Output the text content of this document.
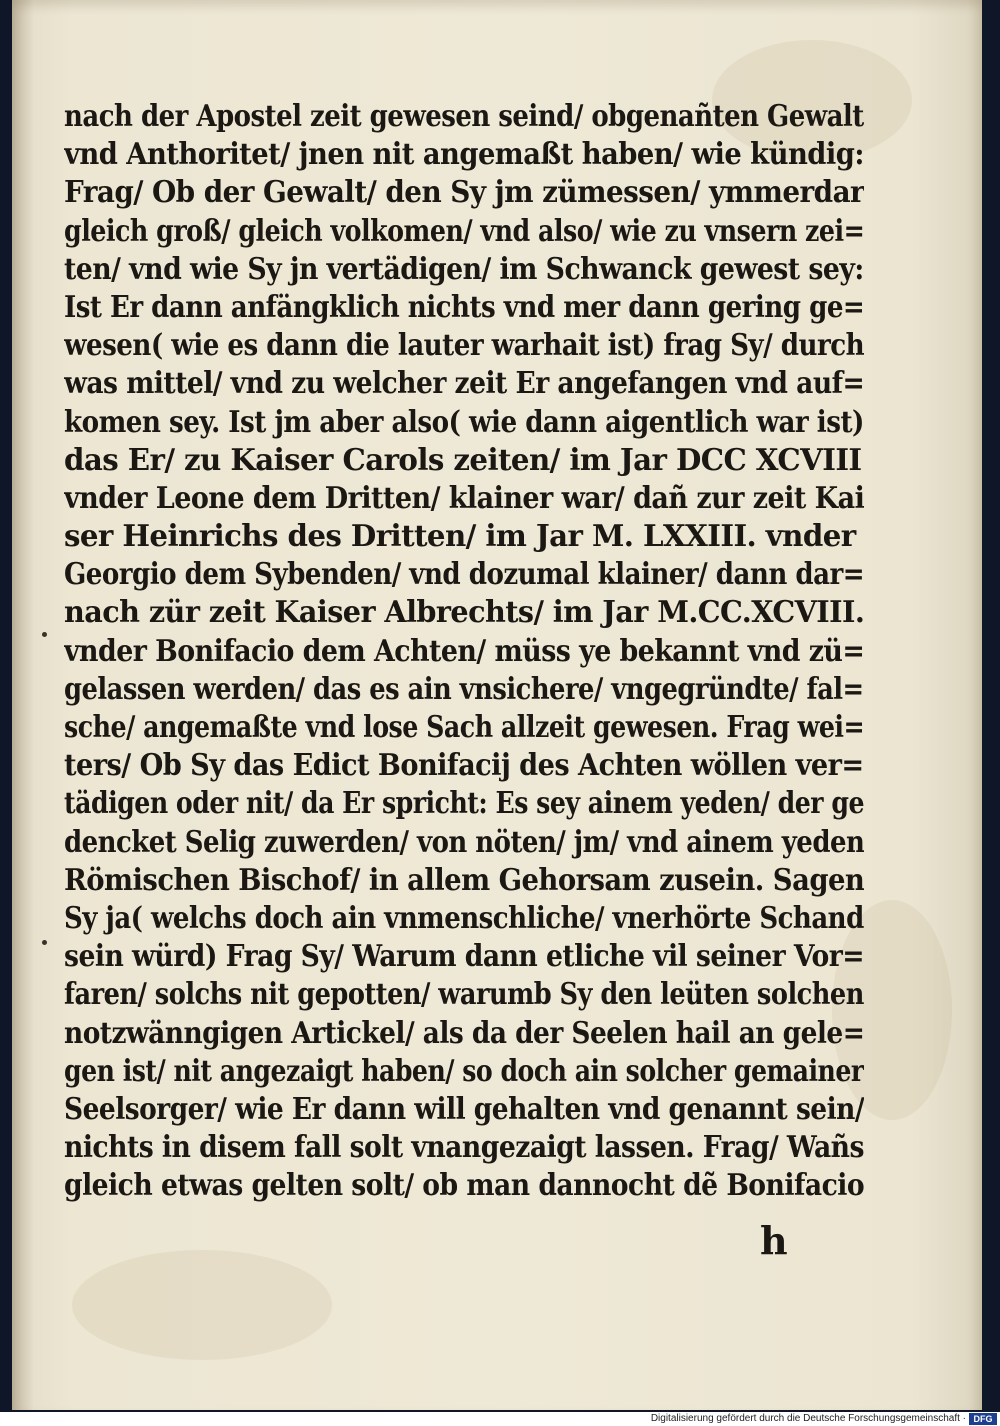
nach der Apostel zeit gewesen seind/ obgenañten Gewalt
vnd Anthoritet/ jnen nit angemaßt haben/ wie kündig:
Frag/ Ob der Gewalt/ den Sy jm zümessen/ ymmerdar
gleich groß/ gleich volkomen/ vnd also/ wie zu vnsern zei=
ten/ vnd wie Sy jn vertädigen/ im Schwanck gewest sey:
Ist Er dann anfängklich nichts vnd mer dann gering ge=
wesen( wie es dann die lauter warhait ist) frag Sy/ durch
was mittel/ vnd zu welcher zeit Er angefangen vnd auf=
komen sey. Ist jm aber also( wie dann aigentlich war ist)
das Er/ zu Kaiser Carols zeiten/ im Jar DCC XCVIII
vnder Leone dem Dritten/ klainer war/ dañ zur zeit Kai
ser Heinrichs des Dritten/ im Jar M. LXXIII. vnder
Georgio dem Sybenden/ vnd dozumal klainer/ dann dar=
nach zür zeit Kaiser Albrechts/ im Jar M.CC.XCVIII.
vnder Bonifacio dem Achten/ müss ye bekannt vnd zü=
gelassen werden/ das es ain vnsichere/ vngegründte/ fal=
sche/ angemaßte vnd lose Sach allzeit gewesen. Frag wei=
ters/ Ob Sy das Edict Bonifacij des Achten wöllen ver=
tädigen oder nit/ da Er spricht: Es sey ainem yeden/ der ge
dencket Selig zuwerden/ von nöten/ jm/ vnd ainem yeden
Römischen Bischof/ in allem Gehorsam zusein. Sagen
Sy ja( welchs doch ain vnmenschliche/ vnerhörte Schand
sein würd) Frag Sy/ Warum dann etliche vil seiner Vor=
faren/ solchs nit gepotten/ warumb Sy den leüten solchen
notzwänngigen Artickel/ als da der Seelen hail an gele=
gen ist/ nit angezaigt haben/ so doch ain solcher gemainer
Seelsorger/ wie Er dann will gehalten vnd genannt sein/
nichts in disem fall solt vnangezaigt lassen. Frag/ Wañs
gleich etwas gelten solt/ ob man dannocht dẽ Bonifacio
h
Digitalisierung gefördert durch die Deutsche Forschungsgemeinschaft · DFG
